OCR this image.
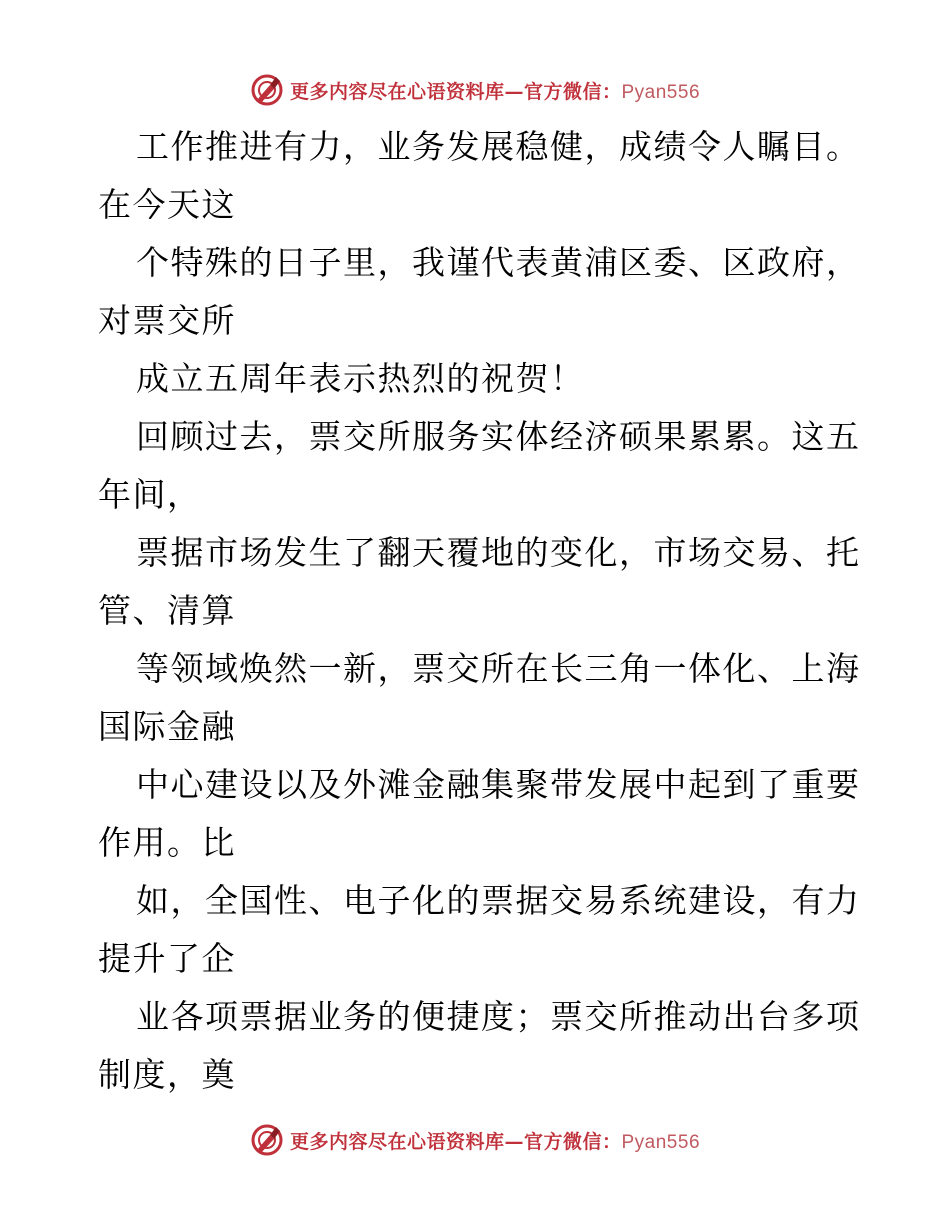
更多内容尽在心语资料库—官方微信：Pyan556
工作推进有力，业务发展稳健，成绩令人瞩目。
在今天这
个特殊的日子里，我谨代表黄浦区委、区政府，
对票交所
成立五周年表示热烈的祝贺！
回顾过去，票交所服务实体经济硕果累累。这五
年间，
票据市场发生了翻天覆地的变化，市场交易、托
管、清算
等领域焕然一新，票交所在长三角一体化、上海
国际金融
中心建设以及外滩金融集聚带发展中起到了重要
作用。比
如，全国性、电子化的票据交易系统建设，有力
提升了企
业各项票据业务的便捷度；票交所推动出台多项
制度，奠
更多内容尽在心语资料库—官方微信：Pyan556
